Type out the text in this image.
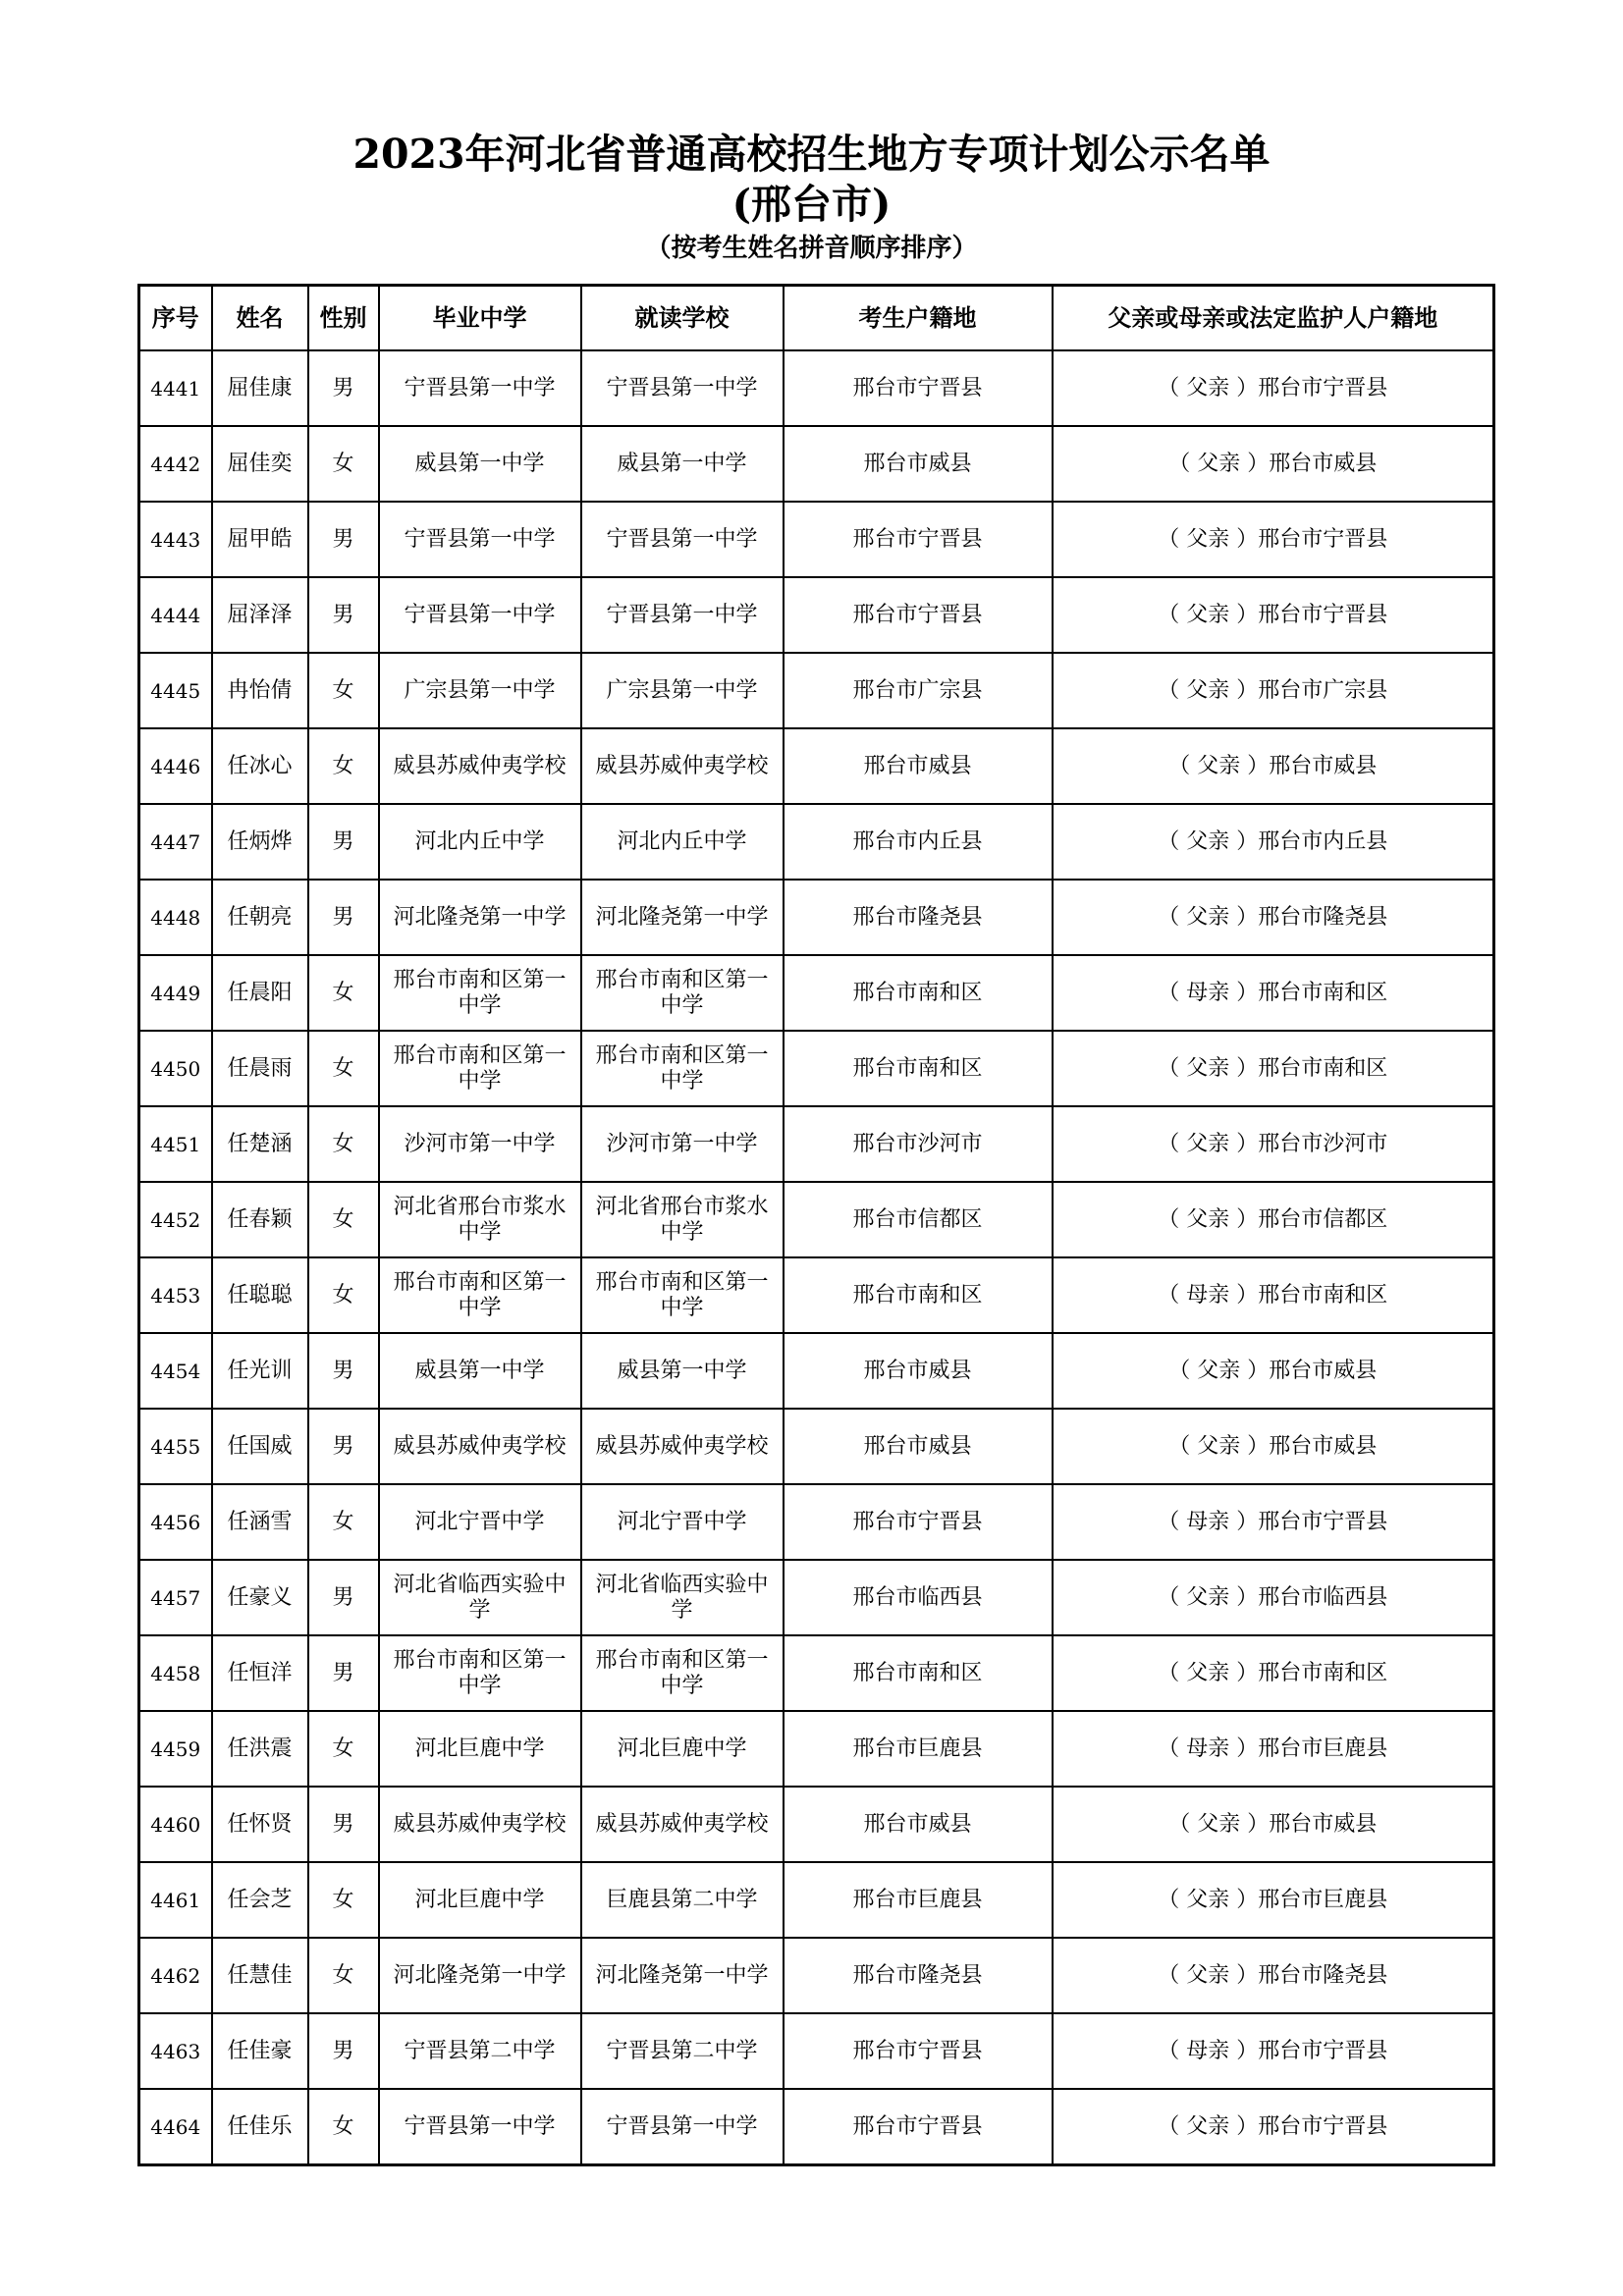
2023年河北省普通高校招生地方专项计划公示名单
(邢台市)
（按考生姓名拼音顺序排序）
序号	姓名	性别	毕业中学	就读学校	考生户籍地	父亲或母亲或法定监护人户籍地
4441	屈佳康	男	宁晋县第一中学	宁晋县第一中学	邢台市宁晋县	（ 父亲 ）邢台市宁晋县
4442	屈佳奕	女	威县第一中学	威县第一中学	邢台市威县	（ 父亲 ）邢台市威县
4443	屈甲皓	男	宁晋县第一中学	宁晋县第一中学	邢台市宁晋县	（ 父亲 ）邢台市宁晋县
4444	屈泽泽	男	宁晋县第一中学	宁晋县第一中学	邢台市宁晋县	（ 父亲 ）邢台市宁晋县
4445	冉怡倩	女	广宗县第一中学	广宗县第一中学	邢台市广宗县	（ 父亲 ）邢台市广宗县
4446	任冰心	女	威县苏威仲夷学校	威县苏威仲夷学校	邢台市威县	（ 父亲 ）邢台市威县
4447	任炳烨	男	河北内丘中学	河北内丘中学	邢台市内丘县	（ 父亲 ）邢台市内丘县
4448	任朝亮	男	河北隆尧第一中学	河北隆尧第一中学	邢台市隆尧县	（ 父亲 ）邢台市隆尧县
4449	任晨阳	女	邢台市南和区第一中学	邢台市南和区第一中学	邢台市南和区	（ 母亲 ）邢台市南和区
4450	任晨雨	女	邢台市南和区第一中学	邢台市南和区第一中学	邢台市南和区	（ 父亲 ）邢台市南和区
4451	任楚涵	女	沙河市第一中学	沙河市第一中学	邢台市沙河市	（ 父亲 ）邢台市沙河市
4452	任春颖	女	河北省邢台市浆水中学	河北省邢台市浆水中学	邢台市信都区	（ 父亲 ）邢台市信都区
4453	任聪聪	女	邢台市南和区第一中学	邢台市南和区第一中学	邢台市南和区	（ 母亲 ）邢台市南和区
4454	任光训	男	威县第一中学	威县第一中学	邢台市威县	（ 父亲 ）邢台市威县
4455	任国威	男	威县苏威仲夷学校	威县苏威仲夷学校	邢台市威县	（ 父亲 ）邢台市威县
4456	任涵雪	女	河北宁晋中学	河北宁晋中学	邢台市宁晋县	（ 母亲 ）邢台市宁晋县
4457	任豪义	男	河北省临西实验中学	河北省临西实验中学	邢台市临西县	（ 父亲 ）邢台市临西县
4458	任恒洋	男	邢台市南和区第一中学	邢台市南和区第一中学	邢台市南和区	（ 父亲 ）邢台市南和区
4459	任洪震	女	河北巨鹿中学	河北巨鹿中学	邢台市巨鹿县	（ 母亲 ）邢台市巨鹿县
4460	任怀贤	男	威县苏威仲夷学校	威县苏威仲夷学校	邢台市威县	（ 父亲 ）邢台市威县
4461	任会芝	女	河北巨鹿中学	巨鹿县第二中学	邢台市巨鹿县	（ 父亲 ）邢台市巨鹿县
4462	任慧佳	女	河北隆尧第一中学	河北隆尧第一中学	邢台市隆尧县	（ 父亲 ）邢台市隆尧县
4463	任佳豪	男	宁晋县第二中学	宁晋县第二中学	邢台市宁晋县	（ 母亲 ）邢台市宁晋县
4464	任佳乐	女	宁晋县第一中学	宁晋县第一中学	邢台市宁晋县	（ 父亲 ）邢台市宁晋县
